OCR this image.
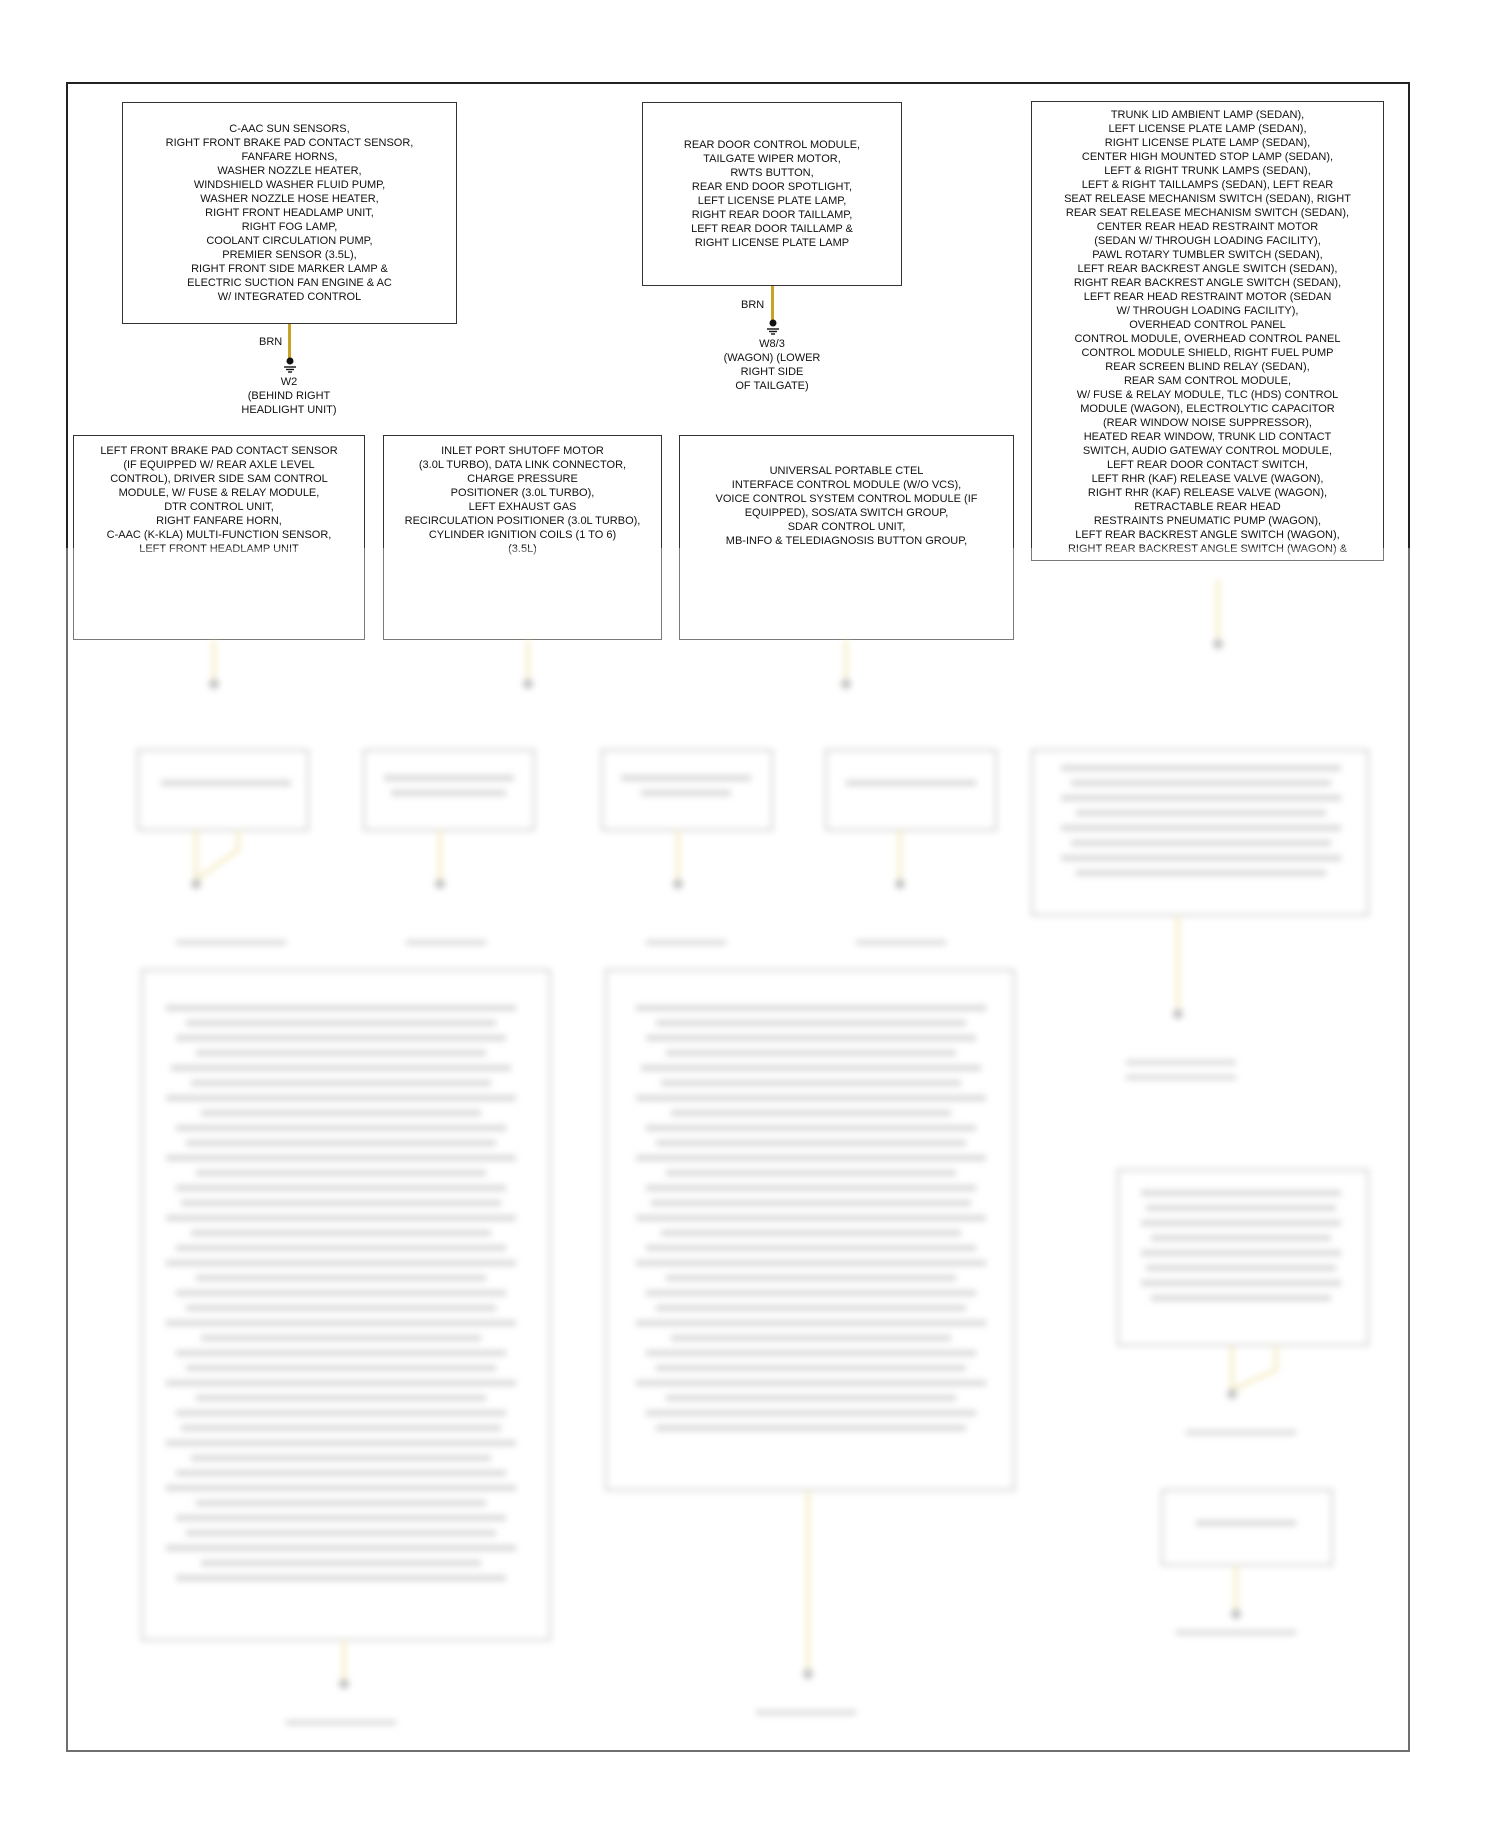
C-AAC SUN SENSORS,
RIGHT FRONT BRAKE PAD CONTACT SENSOR,
FANFARE HORNS,
WASHER NOZZLE HEATER,
WINDSHIELD WASHER FLUID PUMP,
WASHER NOZZLE HOSE HEATER,
RIGHT FRONT HEADLAMP UNIT,
RIGHT FOG LAMP,
COOLANT CIRCULATION PUMP,
PREMIER SENSOR (3.5L),
RIGHT FRONT SIDE MARKER LAMP &
ELECTRIC SUCTION FAN ENGINE & AC
W/ INTEGRATED CONTROL
REAR DOOR CONTROL MODULE,
TAILGATE WIPER MOTOR,
RWTS BUTTON,
REAR END DOOR SPOTLIGHT,
LEFT LICENSE PLATE LAMP,
RIGHT REAR DOOR TAILLAMP,
LEFT REAR DOOR TAILLAMP &
RIGHT LICENSE PLATE LAMP
TRUNK LID AMBIENT LAMP (SEDAN),
LEFT LICENSE PLATE LAMP (SEDAN),
RIGHT LICENSE PLATE LAMP (SEDAN),
CENTER HIGH MOUNTED STOP LAMP (SEDAN),
LEFT & RIGHT TRUNK LAMPS (SEDAN),
LEFT & RIGHT TAILLAMPS (SEDAN), LEFT REAR
SEAT RELEASE MECHANISM SWITCH (SEDAN), RIGHT
REAR SEAT RELEASE MECHANISM SWITCH (SEDAN),
CENTER REAR HEAD RESTRAINT MOTOR
(SEDAN W/ THROUGH LOADING FACILITY),
PAWL ROTARY TUMBLER SWITCH (SEDAN),
LEFT REAR BACKREST ANGLE SWITCH (SEDAN),
RIGHT REAR BACKREST ANGLE SWITCH (SEDAN),
LEFT REAR HEAD RESTRAINT MOTOR (SEDAN
W/ THROUGH LOADING FACILITY),
OVERHEAD CONTROL PANEL
CONTROL MODULE, OVERHEAD CONTROL PANEL
CONTROL MODULE SHIELD, RIGHT FUEL PUMP
REAR SCREEN BLIND RELAY (SEDAN),
REAR SAM CONTROL MODULE,
W/ FUSE & RELAY MODULE, TLC (HDS) CONTROL
MODULE (WAGON), ELECTROLYTIC CAPACITOR
(REAR WINDOW NOISE SUPPRESSOR),
HEATED REAR WINDOW, TRUNK LID CONTACT
SWITCH, AUDIO GATEWAY CONTROL MODULE,
LEFT REAR DOOR CONTACT SWITCH,
LEFT RHR (KAF) RELEASE VALVE (WAGON),
RIGHT RHR (KAF) RELEASE VALVE (WAGON),
RETRACTABLE REAR HEAD
RESTRAINTS PNEUMATIC PUMP (WAGON),
LEFT REAR BACKREST ANGLE SWITCH (WAGON),
RIGHT REAR BACKREST ANGLE SWITCH (WAGON) &
BRN
W2
(BEHIND RIGHT
HEADLIGHT UNIT)
BRN
W8/3
(WAGON) (LOWER
RIGHT SIDE
OF TAILGATE)
LEFT FRONT BRAKE PAD CONTACT SENSOR
(IF EQUIPPED W/ REAR AXLE LEVEL
CONTROL), DRIVER SIDE SAM CONTROL
MODULE, W/ FUSE & RELAY MODULE,
DTR CONTROL UNIT,
RIGHT FANFARE HORN,
C-AAC (K-KLA) MULTI-FUNCTION SENSOR,
LEFT FRONT HEADLAMP UNIT
INLET PORT SHUTOFF MOTOR
(3.0L TURBO), DATA LINK CONNECTOR,
CHARGE PRESSURE
POSITIONER (3.0L TURBO),
LEFT EXHAUST GAS
RECIRCULATION POSITIONER (3.0L TURBO),
CYLINDER IGNITION COILS (1 TO 6)
(3.5L)
UNIVERSAL PORTABLE CTEL
INTERFACE CONTROL MODULE (W/O VCS),
VOICE CONTROL SYSTEM CONTROL MODULE (IF
EQUIPPED), SOS/ATA SWITCH GROUP,
SDAR CONTROL UNIT,
MB-INFO & TELEDIAGNOSIS BUTTON GROUP,
